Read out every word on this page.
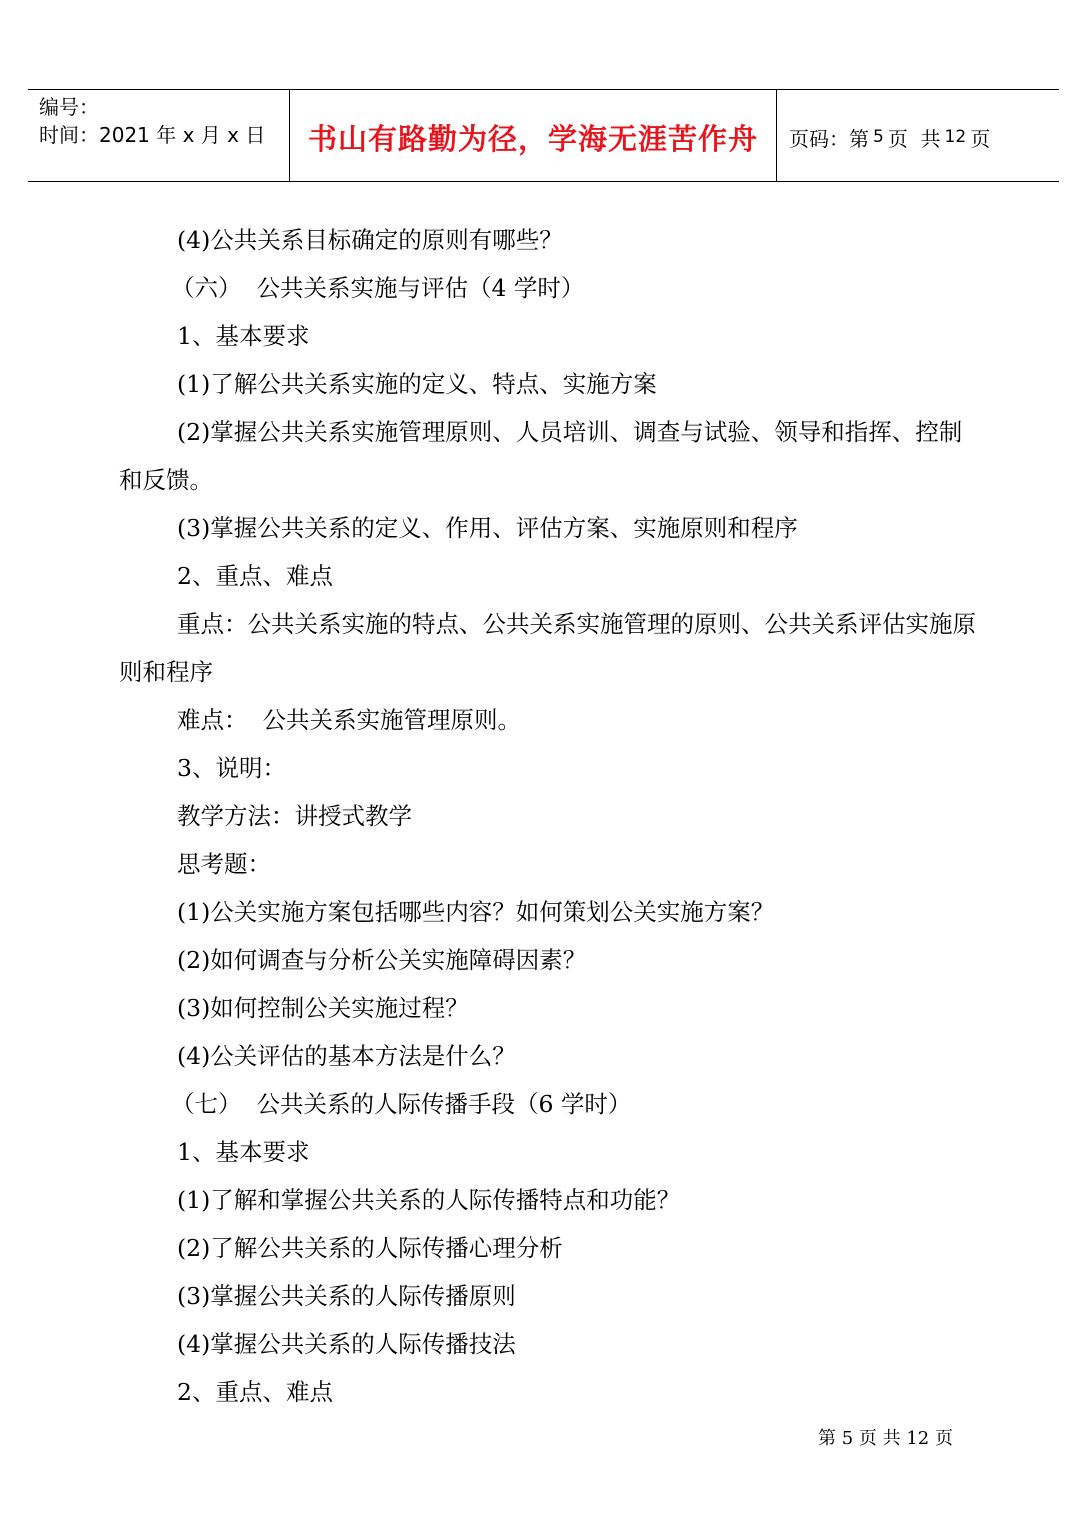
编号：
时间：2021 年 x 月 x 日	书山有路勤为径，学海无涯苦作舟 页码：第 5 页  共 12 页

(4)公共关系目标确定的原则有哪些？

（六）  公共关系实施与评估（4 学时）

1、基本要求

(1)了解公共关系实施的定义、特点、实施方案

(2)掌握公共关系实施管理原则、人员培训、调查与试验、领导和指挥、控制和反馈。

(3)掌握公共关系的定义、作用、评估方案、实施原则和程序

2、重点、难点

重点：公共关系实施的特点、公共关系实施管理的原则、公共关系评估实施原则和程序

难点：  公共关系实施管理原则。

3、说明：

教学方法：讲授式教学

思考题：

(1)公关实施方案包括哪些内容？如何策划公关实施方案？

(2)如何调查与分析公关实施障碍因素？

(3)如何控制公关实施过程？

(4)公关评估的基本方法是什么？

（七）  公共关系的人际传播手段（6 学时）

1、基本要求

(1)了解和掌握公共关系的人际传播特点和功能？

(2)了解公共关系的人际传播心理分析

(3)掌握公共关系的人际传播原则

(4)掌握公共关系的人际传播技法

2、重点、难点

第 5 页 共 12 页
